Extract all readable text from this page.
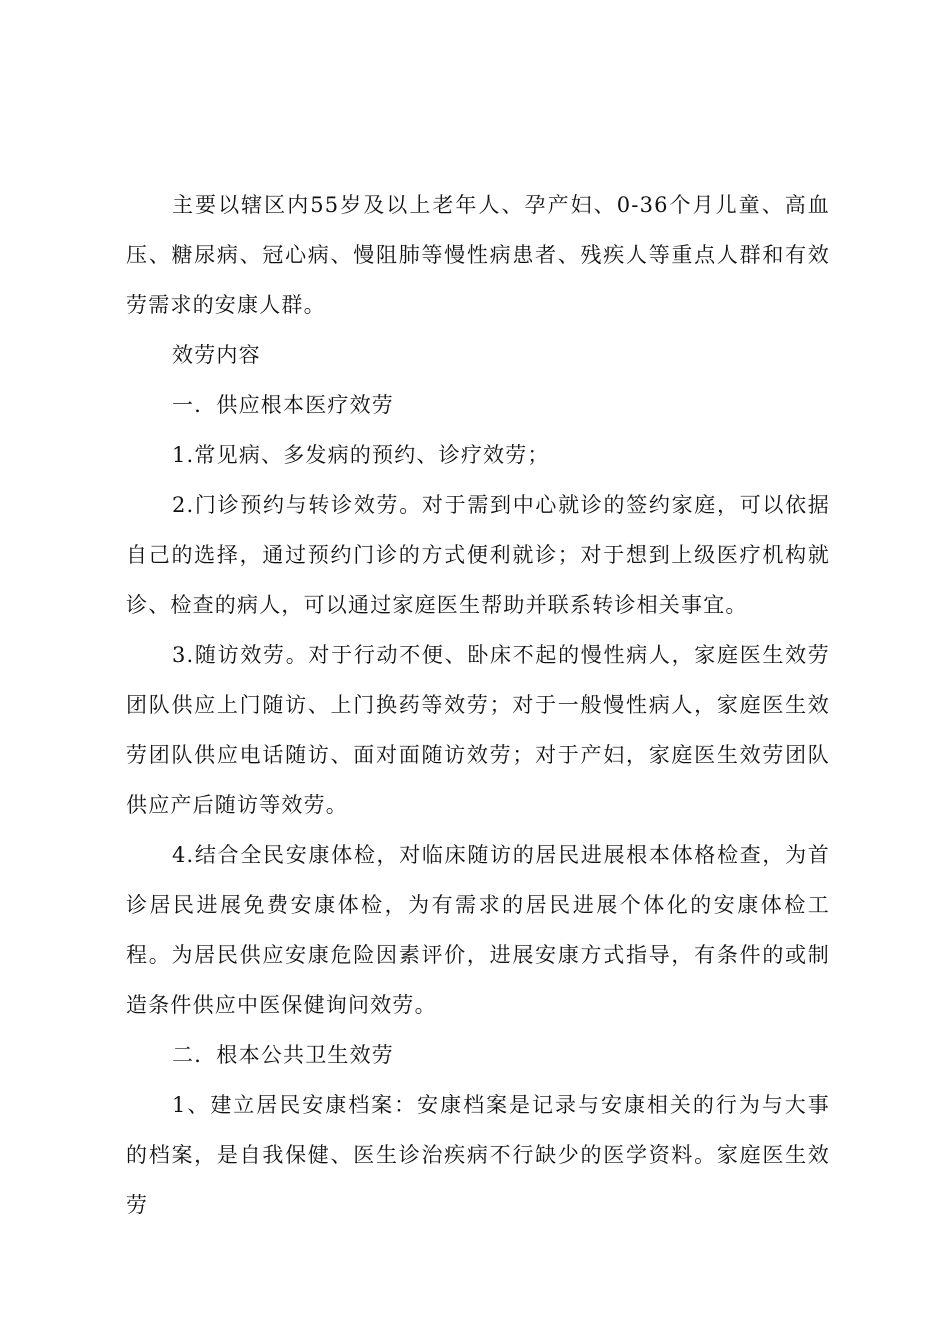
主要以辖区内55岁及以上老年人、孕产妇、0-36个月儿童、高血压、糖尿病、冠心病、慢阻肺等慢性病患者、残疾人等重点人群和有效劳需求的安康人群。

效劳内容

一．供应根本医疗效劳

1.常见病、多发病的预约、诊疗效劳；

2.门诊预约与转诊效劳。对于需到中心就诊的签约家庭，可以依据自己的选择，通过预约门诊的方式便利就诊；对于想到上级医疗机构就诊、检查的病人，可以通过家庭医生帮助并联系转诊相关事宜。

3.随访效劳。对于行动不便、卧床不起的慢性病人，家庭医生效劳团队供应上门随访、上门换药等效劳；对于一般慢性病人，家庭医生效劳团队供应电话随访、面对面随访效劳；对于产妇，家庭医生效劳团队供应产后随访等效劳。

4.结合全民安康体检，对临床随访的居民进展根本体格检查，为首诊居民进展免费安康体检，为有需求的居民进展个体化的安康体检工程。为居民供应安康危险因素评价，进展安康方式指导，有条件的或制造条件供应中医保健询问效劳。

二．根本公共卫生效劳

1、建立居民安康档案：安康档案是记录与安康相关的行为与大事的档案，是自我保健、医生诊治疾病不行缺少的医学资料。家庭医生效劳
